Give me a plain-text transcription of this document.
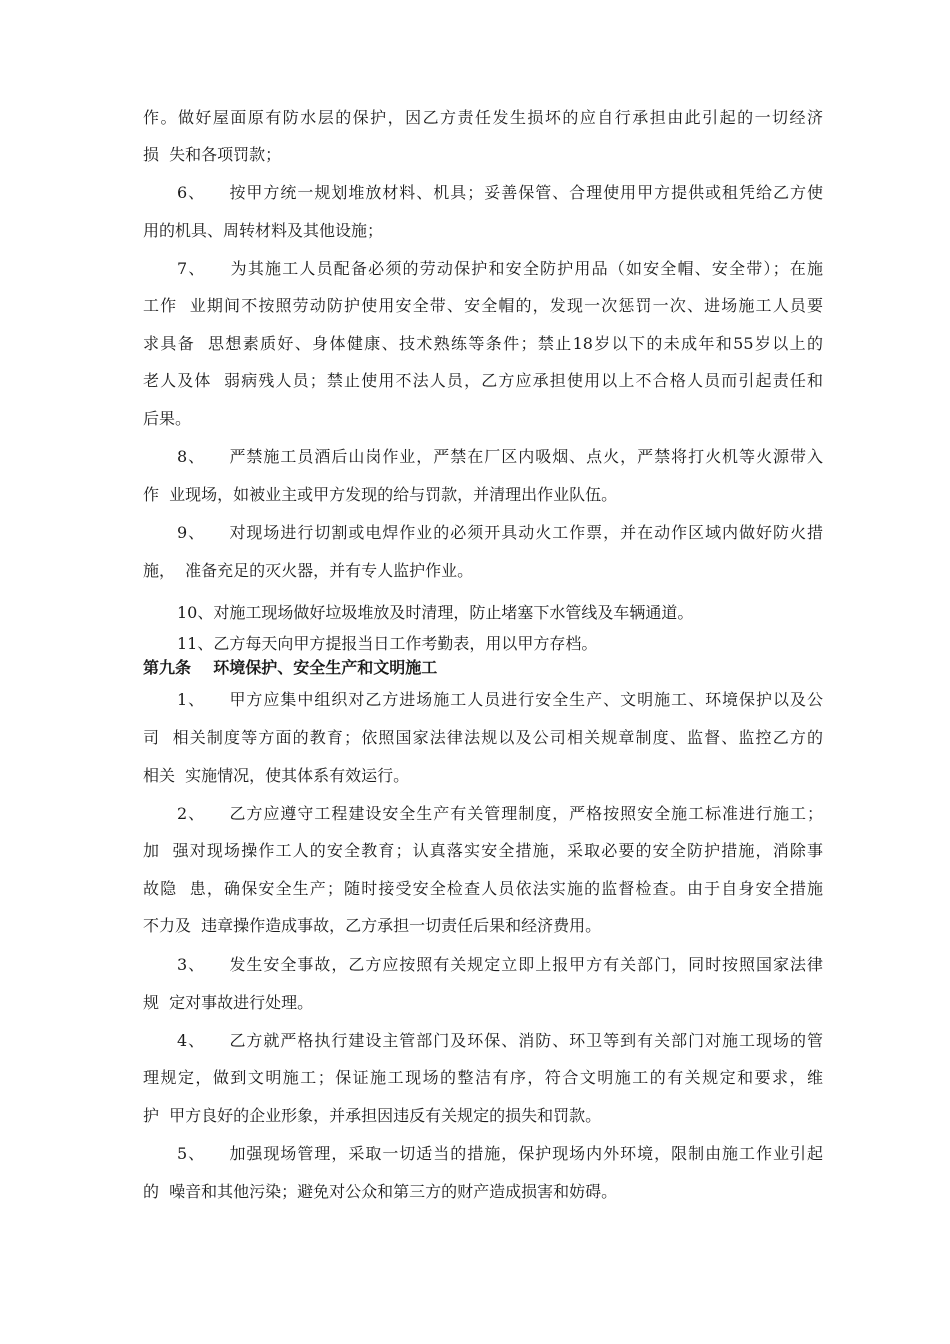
作。做好屋面原有防水层的保护，因乙方责任发生损坏的应自行承担由此引起的一切经济
损  失和各项罚款；
6、    按甲方统一规划堆放材料、机具；妥善保管、合理使用甲方提供或租凭给乙方使
用的机具、周转材料及其他设施；
7、    为其施工人员配备必须的劳动保护和安全防护用品（如安全帽、安全带）；在施
工作  业期间不按照劳动防护使用安全带、安全帽的，发现一次惩罚一次、进场施工人员要
求具备  思想素质好、身体健康、技术熟练等条件；禁止18岁以下的未成年和55岁以上的
老人及体  弱病残人员；禁止使用不法人员，乙方应承担使用以上不合格人员而引起责任和
后果。
8、    严禁施工员酒后山岗作业，严禁在厂区内吸烟、点火，严禁将打火机等火源带入
作  业现场，如被业主或甲方发现的给与罚款，并清理出作业队伍。
9、    对现场进行切割或电焊作业的必须开具动火工作票，并在动作区域内做好防火措
施，  准备充足的灭火器，并有专人监护作业。
10、对施工现场做好垃圾堆放及时清理，防止堵塞下水管线及车辆通道。
11、乙方每天向甲方提报当日工作考勤表，用以甲方存档。
第九条    环境保护、安全生产和文明施工
1、    甲方应集中组织对乙方进场施工人员进行安全生产、文明施工、环境保护以及公
司  相关制度等方面的教育；依照国家法律法规以及公司相关规章制度、监督、监控乙方的
相关  实施情况，使其体系有效运行。
2、    乙方应遵守工程建设安全生产有关管理制度，严格按照安全施工标准进行施工；
加  强对现场操作工人的安全教育；认真落实安全措施，采取必要的安全防护措施，消除事
故隐  患，确保安全生产；随时接受安全检查人员依法实施的监督检查。由于自身安全措施
不力及  违章操作造成事故，乙方承担一切责任后果和经济费用。
3、    发生安全事故，乙方应按照有关规定立即上报甲方有关部门，同时按照国家法律
规  定对事故进行处理。
4、    乙方就严格执行建设主管部门及环保、消防、环卫等到有关部门对施工现场的管
理规定，做到文明施工；保证施工现场的整洁有序，符合文明施工的有关规定和要求，维
护  甲方良好的企业形象，并承担因违反有关规定的损失和罚款。
5、    加强现场管理，采取一切适当的措施，保护现场内外环境，限制由施工作业引起
的  噪音和其他污染；避免对公众和第三方的财产造成损害和妨碍。
